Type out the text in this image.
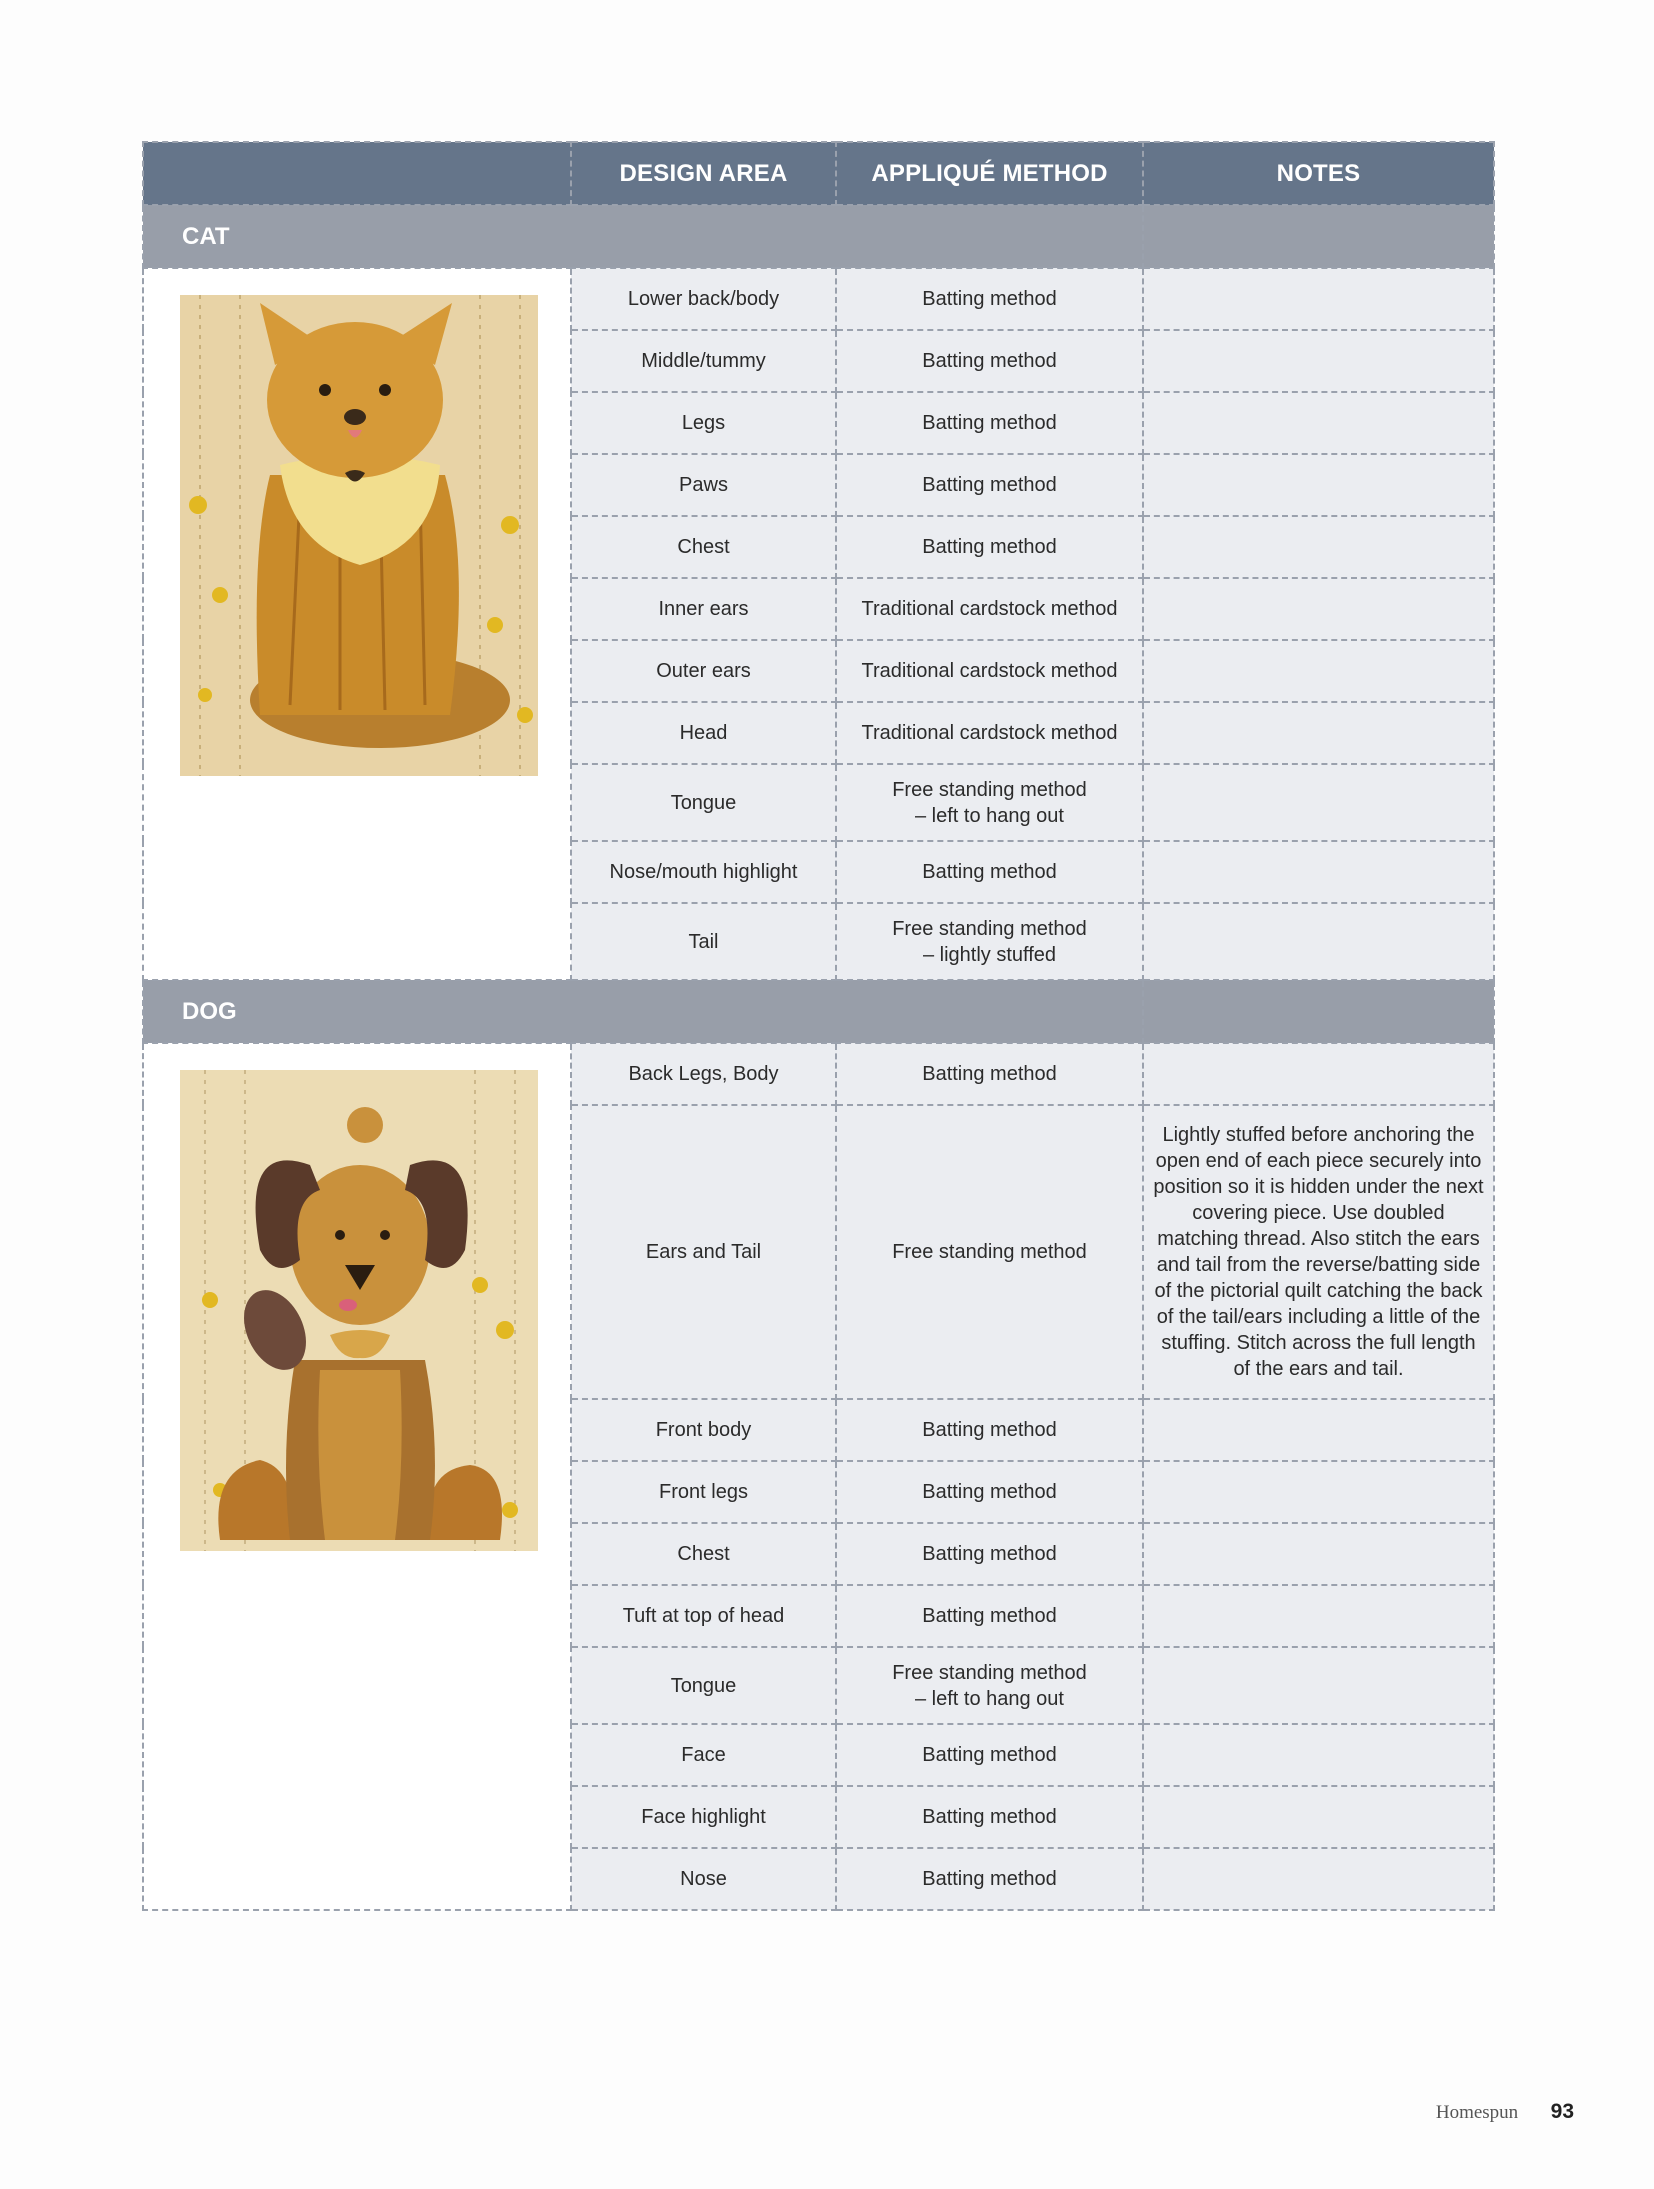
	DESIGN AREA	APPLIQUÉ METHOD	NOTES
CAT			

	Lower back/body	Batting method	
	Middle/tummy	Batting method	
	Legs	Batting method	
	Paws	Batting method	
	Chest	Batting method	
	Inner ears	Traditional cardstock method	
	Outer ears	Traditional cardstock method	
	Head	Traditional cardstock method	
	Tongue	Free standing method
– left to hang out	
	Nose/mouth highlight	Batting method	
	Tail	Free standing method
– lightly stuffed	
DOG			

	Back Legs, Body	Batting method	
	Ears and Tail	Free standing method	Lightly stuffed before anchoring the open end of each piece securely into position so it is hidden under the next covering piece. Use doubled matching thread. Also stitch the ears and tail from the reverse/batting side of the pictorial quilt catching the back of the tail/ears including a little of the stuffing. Stitch across the full length of the ears and tail.
	Front body	Batting method	
	Front legs	Batting method	
	Chest	Batting method	
	Tuft at top of head	Batting method	
	Tongue	Free standing method
– left to hang out	
	Face	Batting method	
	Face highlight	Batting method	
	Nose	Batting method	
Homespun 93
